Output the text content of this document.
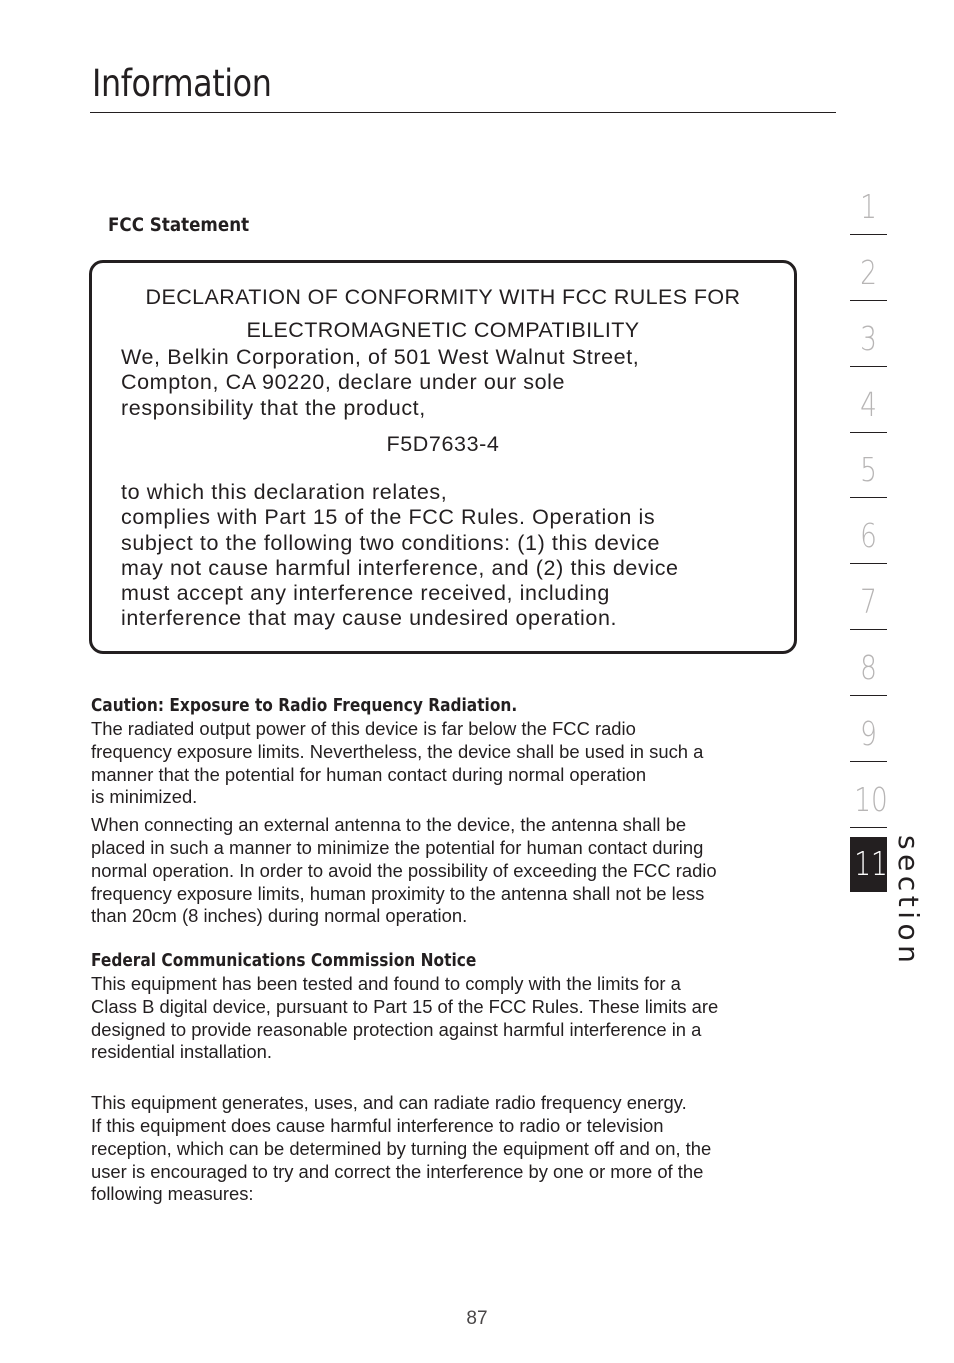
Information
FCC Statement
DECLARATION OF CONFORMITY WITH FCC RULES FOR
ELECTROMAGNETIC COMPATIBILITY
We, Belkin Corporation, of 501 West Walnut Street,
Compton, CA 90220, declare under our sole
responsibility that the product,
F5D7633-4
to which this declaration relates,
complies with Part 15 of the FCC Rules. Operation is
subject to the following two conditions: (1) this device
may not cause harmful interference, and (2) this device
must accept any interference received, including
interference that may cause undesired operation.
Caution: Exposure to Radio Frequency Radiation.

The radiated output power of this device is far below the FCC radio
frequency exposure limits. Nevertheless, the device shall be used in such a
manner that the potential for human contact during normal operation
is minimized.

When connecting an external antenna to the device, the antenna shall be
placed in such a manner to minimize the potential for human contact during
normal operation. In order to avoid the possibility of exceeding the FCC radio
frequency exposure limits, human proximity to the antenna shall not be less
than 20cm (8 inches) during normal operation.

Federal Communications Commission Notice

This equipment has been tested and found to comply with the limits for a
Class B digital device, pursuant to Part 15 of the FCC Rules. These limits are
designed to provide reasonable protection against harmful interference in a
residential installation.

This equipment generates, uses, and can radiate radio frequency energy.
If this equipment does cause harmful interference to radio or television
reception, which can be determined by turning the equipment off and on, the
user is encouraged to try and correct the interference by one or more of the
following measures:

1
2
3
4
5
6
7
8
9
10
11 section
87
